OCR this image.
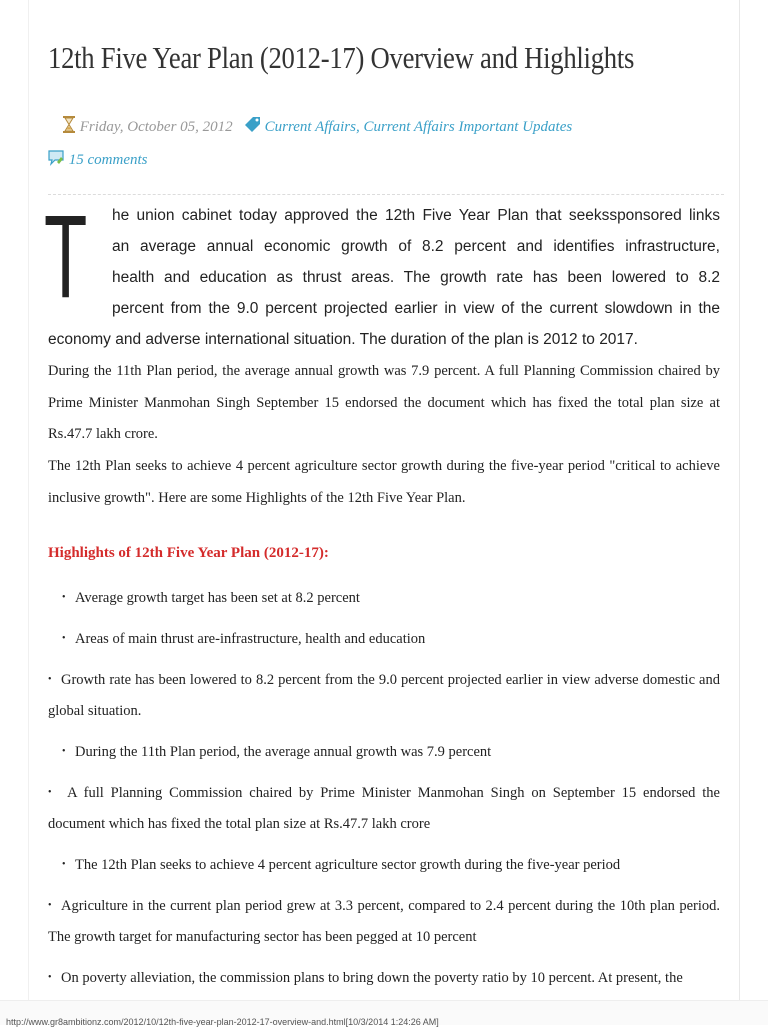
12th Five Year Plan (2012-17) Overview and Highlights
Friday, October 05, 2012 Current Affairs, Current Affairs Important Updates
15 comments
T he union cabinet today approved the 12th Five Year Plan that seekssponsored links

an average annual economic growth of 8.2 percent and identifies infrastructure,

health and education as thrust areas. The growth rate has been lowered to 8.2

percent from the 9.0 percent projected earlier in view of the current slowdown in the

economy and adverse international situation. The duration of the plan is 2012 to 2017.

During the 11th Plan period, the average annual growth was 7.9 percent. A full Planning Commission chaired by Prime Minister Manmohan Singh September 15 endorsed the document which has fixed the total plan size at Rs.47.7 lakh crore.
The 12th Plan seeks to achieve 4 percent agriculture sector growth during the five-year period "critical to achieve inclusive growth". Here are some Highlights of the 12th Five Year Plan.
Highlights of 12th Five Year Plan (2012-17):
• Average growth target has been set at 8.2 percent
• Areas of main thrust are-infrastructure, health and education
• Growth rate has been lowered to 8.2 percent from the 9.0 percent projected earlier in view adverse domestic and global situation.
• During the 11th Plan period, the average annual growth was 7.9 percent
• A full Planning Commission chaired by Prime Minister Manmohan Singh on September 15 endorsed the document which has fixed the total plan size at Rs.47.7 lakh crore
• The 12th Plan seeks to achieve 4 percent agriculture sector growth during the five-year period
• Agriculture in the current plan period grew at 3.3 percent, compared to 2.4 percent during the 10th plan period. The growth target for manufacturing sector has been pegged at 10 percent
• On poverty alleviation, the commission plans to bring down the poverty ratio by 10 percent. At present, the
http://www.gr8ambitionz.com/2012/10/12th-five-year-plan-2012-17-overview-and.html[10/3/2014 1:24:26 AM]
